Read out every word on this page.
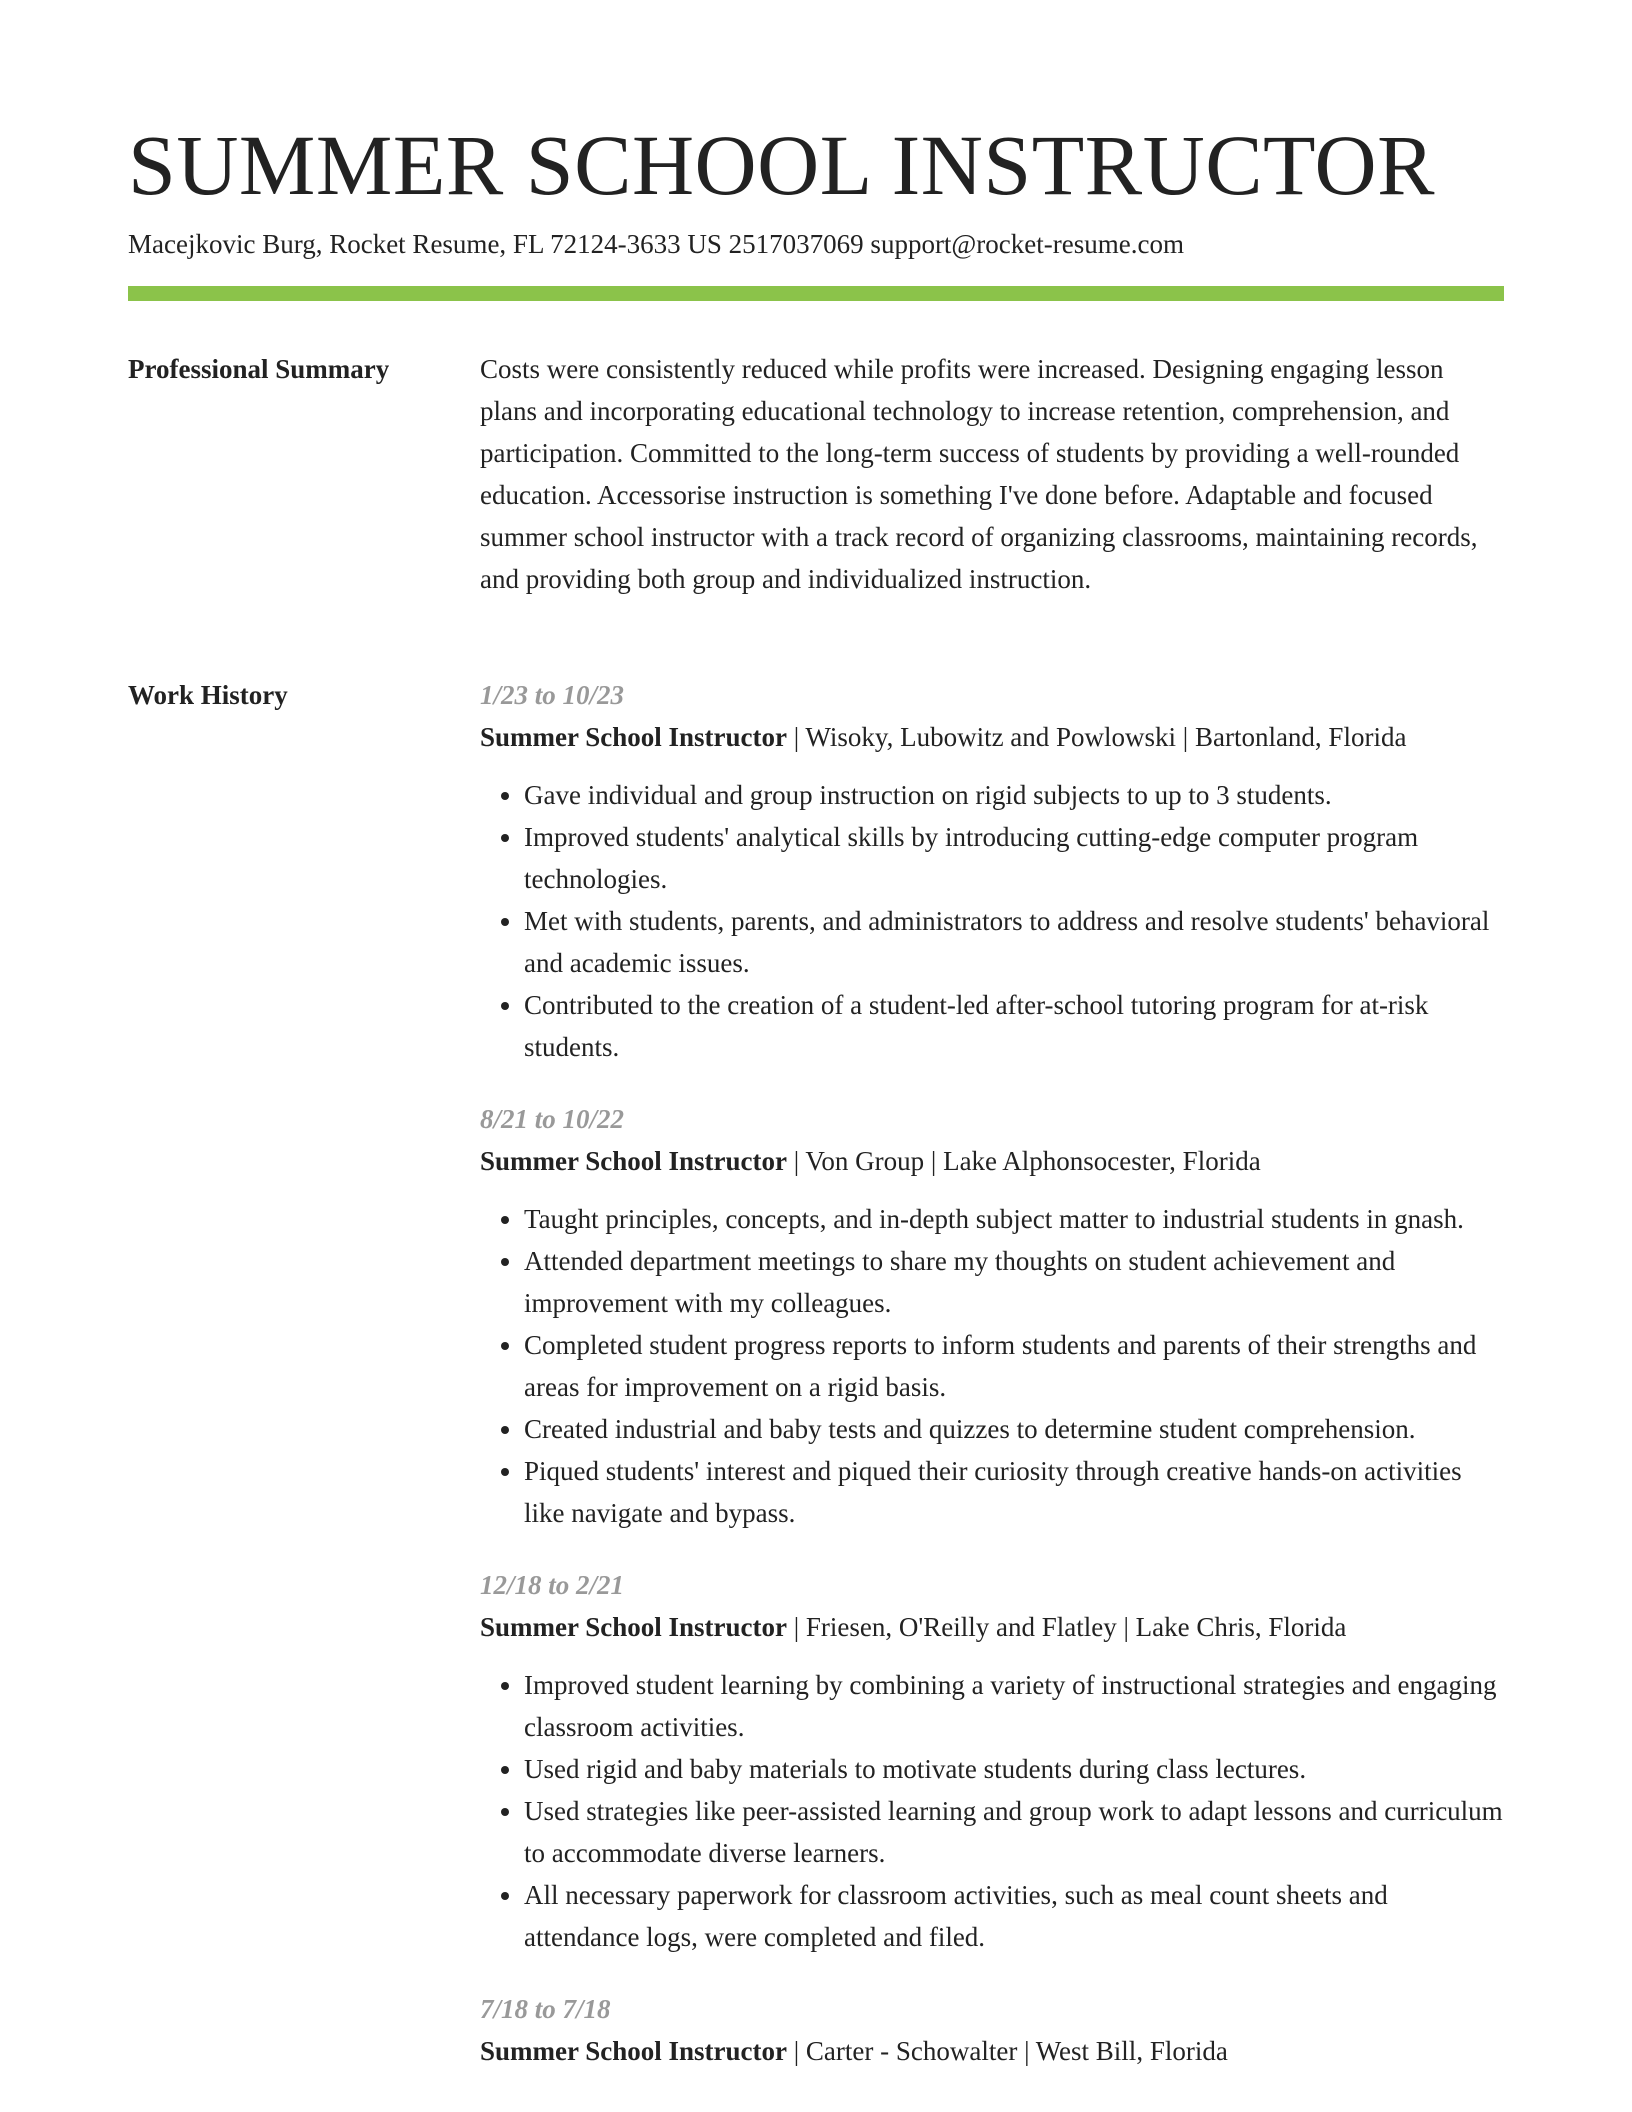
SUMMER SCHOOL INSTRUCTOR
Macejkovic Burg, Rocket Resume, FL 72124-3633 US 2517037069 support@rocket-resume.com
Professional Summary	Costs were consistently reduced while profits were increased. Designing engaging lesson plans and incorporating educational technology to increase retention, comprehension, and participation. Committed to the long-term success of students by providing a well-rounded education. Accessorise instruction is something I've done before. Adaptable and focused summer school instructor with a track record of organizing classrooms, maintaining records, and providing both group and individualized instruction.

Work History	1/23 to 10/23
Summer School Instructor | Wisoky, Lubowitz and Powlowski | Bartonland, Florida
• Gave individual and group instruction on rigid subjects to up to 3 students.
• Improved students' analytical skills by introducing cutting-edge computer program technologies.
• Met with students, parents, and administrators to address and resolve students' behavioral and academic issues.
• Contributed to the creation of a student-led after-school tutoring program for at-risk students.
8/21 to 10/22
Summer School Instructor | Von Group | Lake Alphonsocester, Florida
• Taught principles, concepts, and in-depth subject matter to industrial students in gnash.
• Attended department meetings to share my thoughts on student achievement and improvement with my colleagues.
• Completed student progress reports to inform students and parents of their strengths and areas for improvement on a rigid basis.
• Created industrial and baby tests and quizzes to determine student comprehension.
• Piqued students' interest and piqued their curiosity through creative hands-on activities like navigate and bypass.
12/18 to 2/21
Summer School Instructor | Friesen, O'Reilly and Flatley | Lake Chris, Florida
• Improved student learning by combining a variety of instructional strategies and engaging classroom activities.
• Used rigid and baby materials to motivate students during class lectures.
• Used strategies like peer-assisted learning and group work to adapt lessons and curriculum to accommodate diverse learners.
• All necessary paperwork for classroom activities, such as meal count sheets and attendance logs, were completed and filed.
7/18 to 7/18
Summer School Instructor | Carter - Schowalter | West Bill, Florida
